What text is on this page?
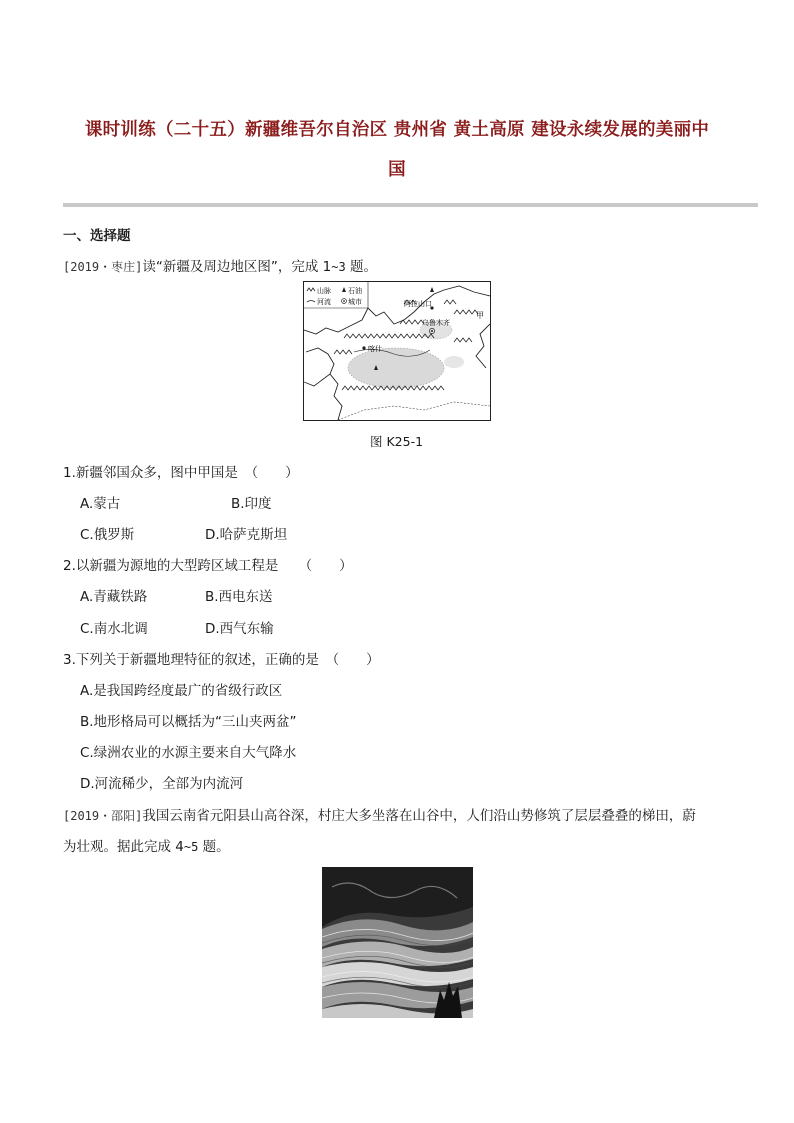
课时训练（二十五）新疆维吾尔自治区 贵州省 黄土高原 建设永续发展的美丽中
国
一、选择题
[2019・枣庄]读“新疆及周边地区图”，完成 1~3 题。
山脉 石油
河流 城市	阿拉山口
乌鲁木齐
喀什
甲
图 K25-1
1.新疆邻国众多，图中甲国是　（　　）
A.蒙古	B.印度
C.俄罗斯	D.哈萨克斯坦
2.以新疆为源地的大型跨区域工程是　　（　　）
A.青藏铁路	B.西电东送
C.南水北调	D.西气东输
3.下列关于新疆地理特征的叙述，正确的是　（　　）
A.是我国跨经度最广的省级行政区
B.地形格局可以概括为“三山夹两盆”
C.绿洲农业的水源主要来自大气降水
D.河流稀少，全部为内流河
[2019・邵阳]我国云南省元阳县山高谷深，村庄大多坐落在山谷中，人们沿山势修筑了层层叠叠的梯田，蔚
为壮观。据此完成 4~5 题。
